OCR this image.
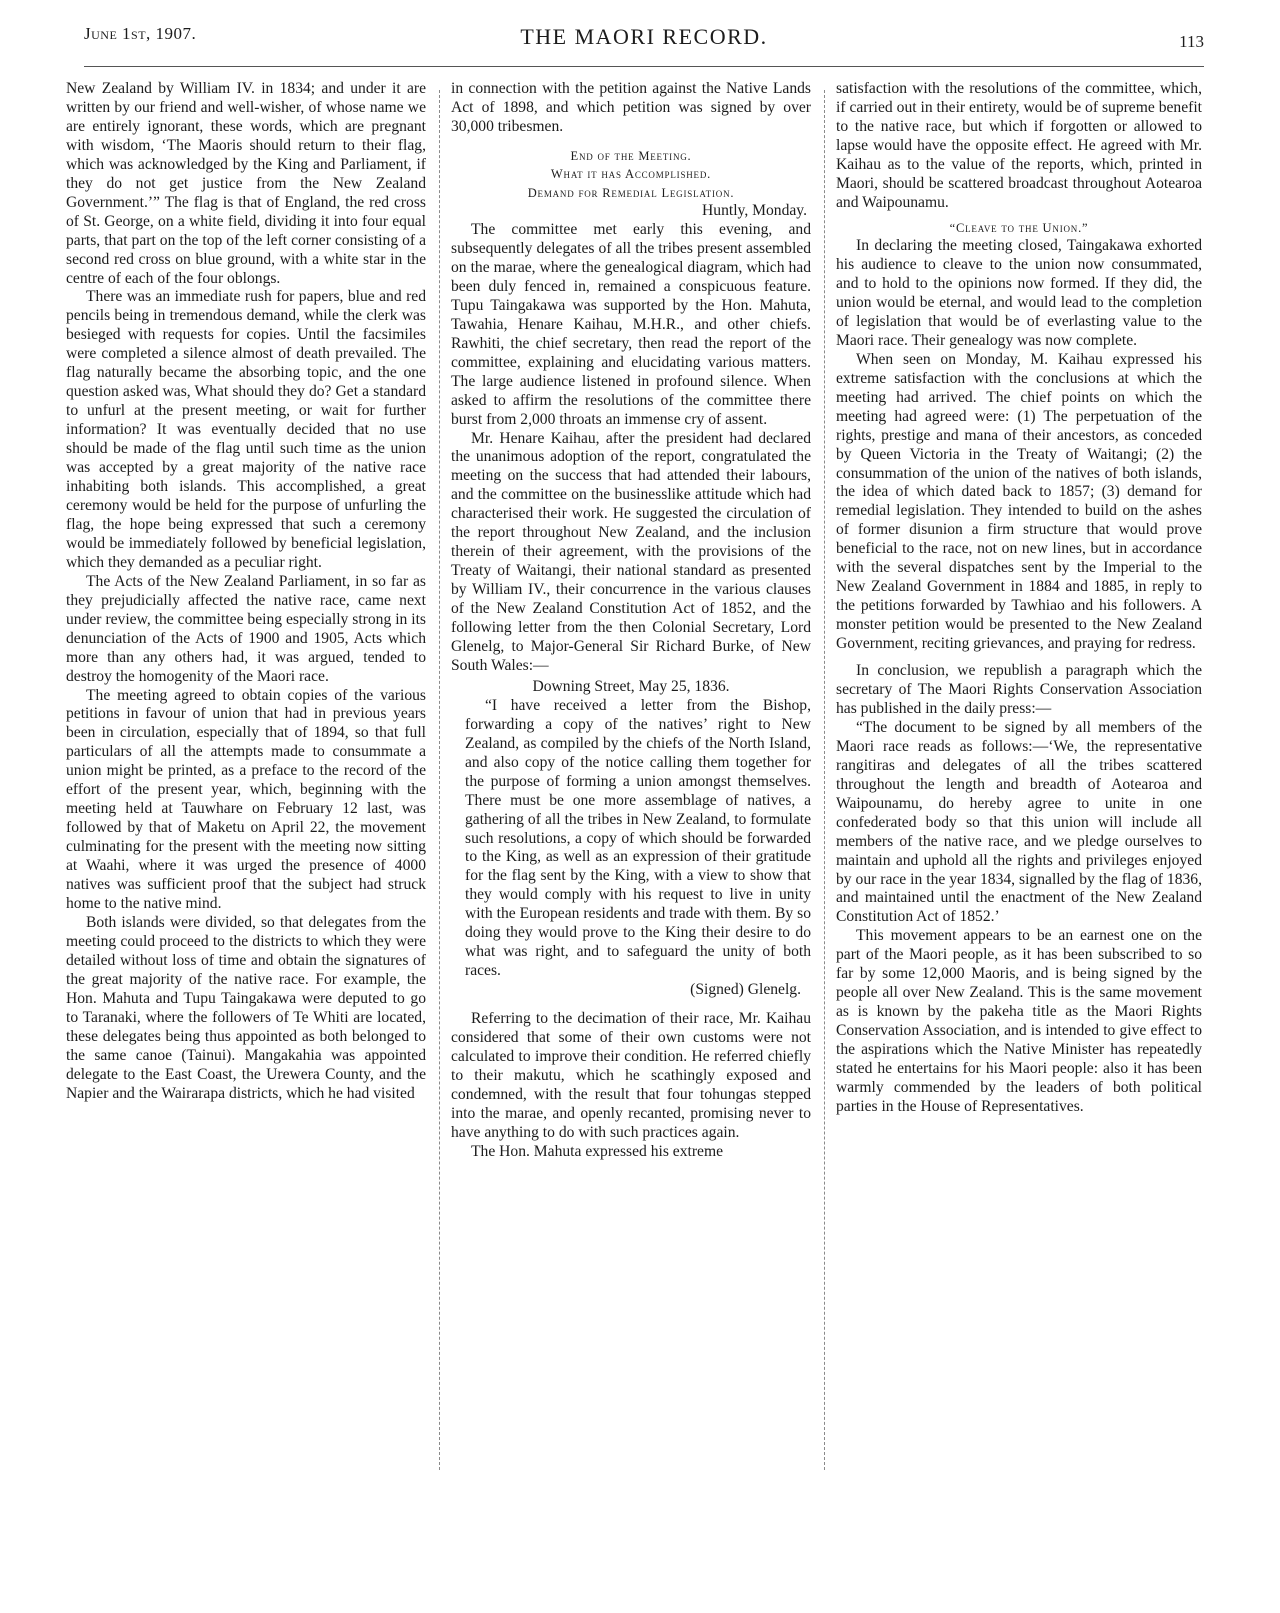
June 1st, 1907.	THE MAORI RECORD.	113

New Zealand by William IV. in 1834; and under it are written by our friend and well-wisher, of whose name we are entirely ignorant, these words, which are pregnant with wisdom, ‘The Maoris should return to their flag, which was acknowledged by the King and Parliament, if they do not get justice from the New Zealand Government.’” The flag is that of England, the red cross of St. George, on a white field, dividing it into four equal parts, that part on the top of the left corner consisting of a second red cross on blue ground, with a white star in the centre of each of the four oblongs.

There was an immediate rush for papers, blue and red pencils being in tremendous demand, while the clerk was besieged with requests for copies. Until the facsimiles were completed a silence almost of death prevailed. The flag naturally became the absorbing topic, and the one question asked was, What should they do? Get a standard to unfurl at the present meeting, or wait for further information? It was eventually decided that no use should be made of the flag until such time as the union was accepted by a great majority of the native race inhabiting both islands. This accomplished, a great ceremony would be held for the purpose of unfurling the flag, the hope being expressed that such a ceremony would be immediately followed by beneficial legislation, which they demanded as a peculiar right.

The Acts of the New Zealand Parliament, in so far as they prejudicially affected the native race, came next under review, the committee being especially strong in its denunciation of the Acts of 1900 and 1905, Acts which more than any others had, it was argued, tended to destroy the homogenity of the Maori race.

The meeting agreed to obtain copies of the various petitions in favour of union that had in previous years been in circulation, especially that of 1894, so that full particulars of all the attempts made to consummate a union might be printed, as a preface to the record of the effort of the present year, which, beginning with the meeting held at Tauwhare on February 12 last, was followed by that of Maketu on April 22, the movement culminating for the present with the meeting now sitting at Waahi, where it was urged the presence of 4000 natives was sufficient proof that the subject had struck home to the native mind.

Both islands were divided, so that delegates from the meeting could proceed to the districts to which they were detailed without loss of time and obtain the signatures of the great majority of the native race. For example, the Hon. Mahuta and Tupu Taingakawa were deputed to go to Taranaki, where the followers of Te Whiti are located, these delegates being thus appointed as both belonged to the same canoe (Tainui). Mangakahia was appointed delegate to the East Coast, the Urewera County, and the Napier and the Wairarapa districts, which he had visited

in connection with the petition against the Native Lands Act of 1898, and which petition was signed by over 30,000 tribesmen.

End of the Meeting.

What it has Accomplished.

Demand for Remedial Legislation.

Huntly, Monday.

The committee met early this evening, and subsequently delegates of all the tribes present assembled on the marae, where the genealogical diagram, which had been duly fenced in, remained a conspicuous feature. Tupu Taingakawa was supported by the Hon. Mahuta, Tawahia, Henare Kaihau, M.H.R., and other chiefs. Rawhiti, the chief secretary, then read the report of the committee, explaining and elucidating various matters. The large audience listened in profound silence. When asked to affirm the resolutions of the committee there burst from 2,000 throats an immense cry of assent.

Mr. Henare Kaihau, after the president had declared the unanimous adoption of the report, congratulated the meeting on the success that had attended their labours, and the committee on the businesslike attitude which had characterised their work. He suggested the circulation of the report throughout New Zealand, and the inclusion therein of their agreement, with the provisions of the Treaty of Waitangi, their national standard as presented by William IV., their concurrence in the various clauses of the New Zealand Constitution Act of 1852, and the following letter from the then Colonial Secretary, Lord Glenelg, to Major-General Sir Richard Burke, of New South Wales:—

Downing Street, May 25, 1836.

“I have received a letter from the Bishop, forwarding a copy of the natives’ right to New Zealand, as compiled by the chiefs of the North Island, and also copy of the notice calling them together for the purpose of forming a union amongst themselves. There must be one more assemblage of natives, a gathering of all the tribes in New Zealand, to formulate such resolutions, a copy of which should be forwarded to the King, as well as an expression of their gratitude for the flag sent by the King, with a view to show that they would comply with his request to live in unity with the European residents and trade with them. By so doing they would prove to the King their desire to do what was right, and to safeguard the unity of both races.

(Signed) Glenelg.

Referring to the decimation of their race, Mr. Kaihau considered that some of their own customs were not calculated to improve their condition. He referred chiefly to their makutu, which he scathingly exposed and condemned, with the result that four tohungas stepped into the marae, and openly recanted, promising never to have anything to do with such practices again.

The Hon. Mahuta expressed his extreme

satisfaction with the resolutions of the committee, which, if carried out in their entirety, would be of supreme benefit to the native race, but which if forgotten or allowed to lapse would have the opposite effect. He agreed with Mr. Kaihau as to the value of the reports, which, printed in Maori, should be scattered broadcast throughout Aotearoa and Waipounamu.

“Cleave to the Union.”

In declaring the meeting closed, Taingakawa exhorted his audience to cleave to the union now consummated, and to hold to the opinions now formed. If they did, the union would be eternal, and would lead to the completion of legislation that would be of everlasting value to the Maori race. Their genealogy was now complete.

When seen on Monday, M. Kaihau expressed his extreme satisfaction with the conclusions at which the meeting had arrived. The chief points on which the meeting had agreed were: (1) The perpetuation of the rights, prestige and mana of their ancestors, as conceded by Queen Victoria in the Treaty of Waitangi; (2) the consummation of the union of the natives of both islands, the idea of which dated back to 1857; (3) demand for remedial legislation. They intended to build on the ashes of former disunion a firm structure that would prove beneficial to the race, not on new lines, but in accordance with the several dispatches sent by the Imperial to the New Zealand Government in 1884 and 1885, in reply to the petitions forwarded by Tawhiao and his followers. A monster petition would be presented to the New Zealand Government, reciting grievances, and praying for redress.

In conclusion, we republish a paragraph which the secretary of The Maori Rights Conservation Association has published in the daily press:—

“The document to be signed by all members of the Maori race reads as follows:—‘We, the representative rangitiras and delegates of all the tribes scattered throughout the length and breadth of Aotearoa and Waipounamu, do hereby agree to unite in one confederated body so that this union will include all members of the native race, and we pledge ourselves to maintain and uphold all the rights and privileges enjoyed by our race in the year 1834, signalled by the flag of 1836, and maintained until the enactment of the New Zealand Constitution Act of 1852.’

This movement appears to be an earnest one on the part of the Maori people, as it has been subscribed to so far by some 12,000 Maoris, and is being signed by the people all over New Zealand. This is the same movement as is known by the pakeha title as the Maori Rights Conservation Association, and is intended to give effect to the aspirations which the Native Minister has repeatedly stated he entertains for his Maori people: also it has been warmly commended by the leaders of both political parties in the House of Representatives.
